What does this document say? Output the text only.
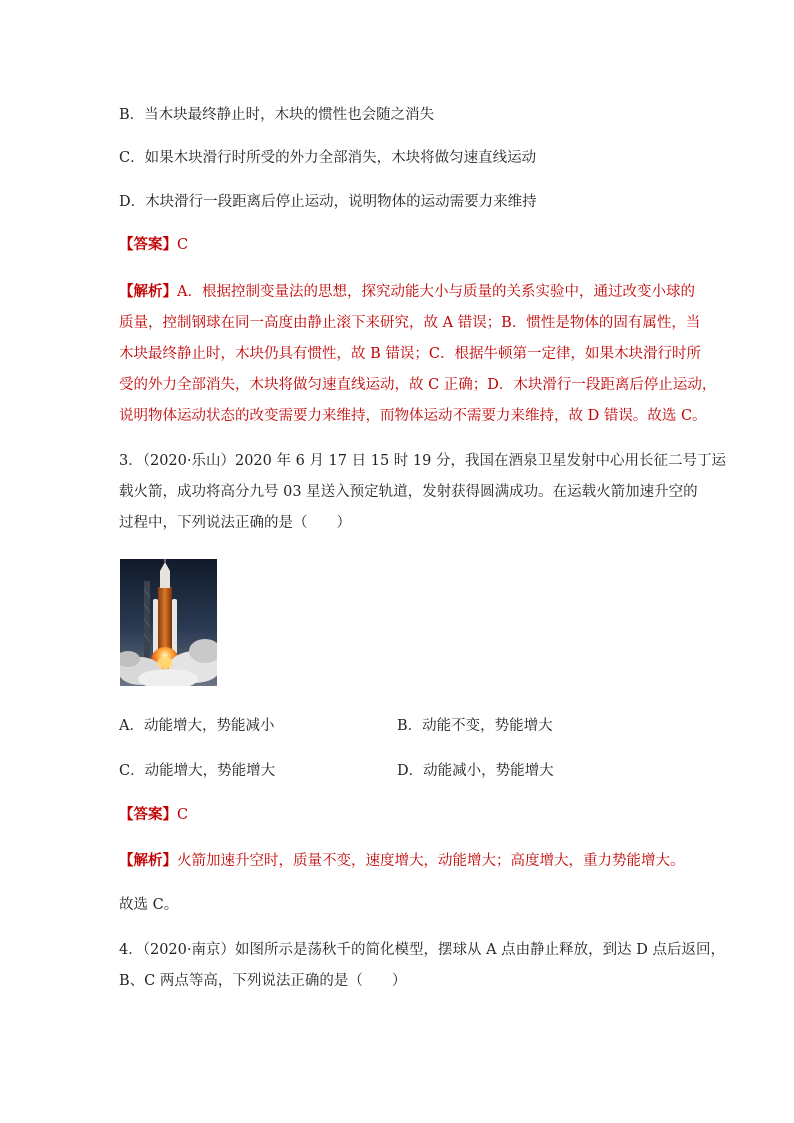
B．当木块最终静止时，木块的惯性也会随之消失
C．如果木块滑行时所受的外力全部消失，木块将做匀速直线运动
D．木块滑行一段距离后停止运动，说明物体的运动需要力来维持
【答案】C
【解析】A．根据控制变量法的思想，探究动能大小与质量的关系实验中，通过改变小球的
质量，控制钢球在同一高度由静止滚下来研究，故 A 错误；B．惯性是物体的固有属性，当
木块最终静止时，木块仍具有惯性，故 B 错误；C．根据牛顿第一定律，如果木块滑行时所
受的外力全部消失，木块将做匀速直线运动，故 C 正确；D．木块滑行一段距离后停止运动，
说明物体运动状态的改变需要力来维持，而物体运动不需要力来维持，故 D 错误。故选 C。
3．（2020·乐山）2020 年 6 月 17 日 15 时 19 分，我国在酒泉卫星发射中心用长征二号丁运
载火箭，成功将高分九号 03 星送入预定轨道，发射获得圆满成功。在运载火箭加速升空的
过程中，下列说法正确的是（　　）
A．动能增大，势能减小	B．动能不变，势能增大
C．动能增大，势能增大	D．动能减小，势能增大
【答案】C
【解析】火箭加速升空时，质量不变，速度增大，动能增大；高度增大，重力势能增大。
故选 C。
4．（2020·南京）如图所示是荡秋千的简化模型，摆球从 A 点由静止释放，到达 D 点后返回，
B、C 两点等高，下列说法正确的是（　　）
